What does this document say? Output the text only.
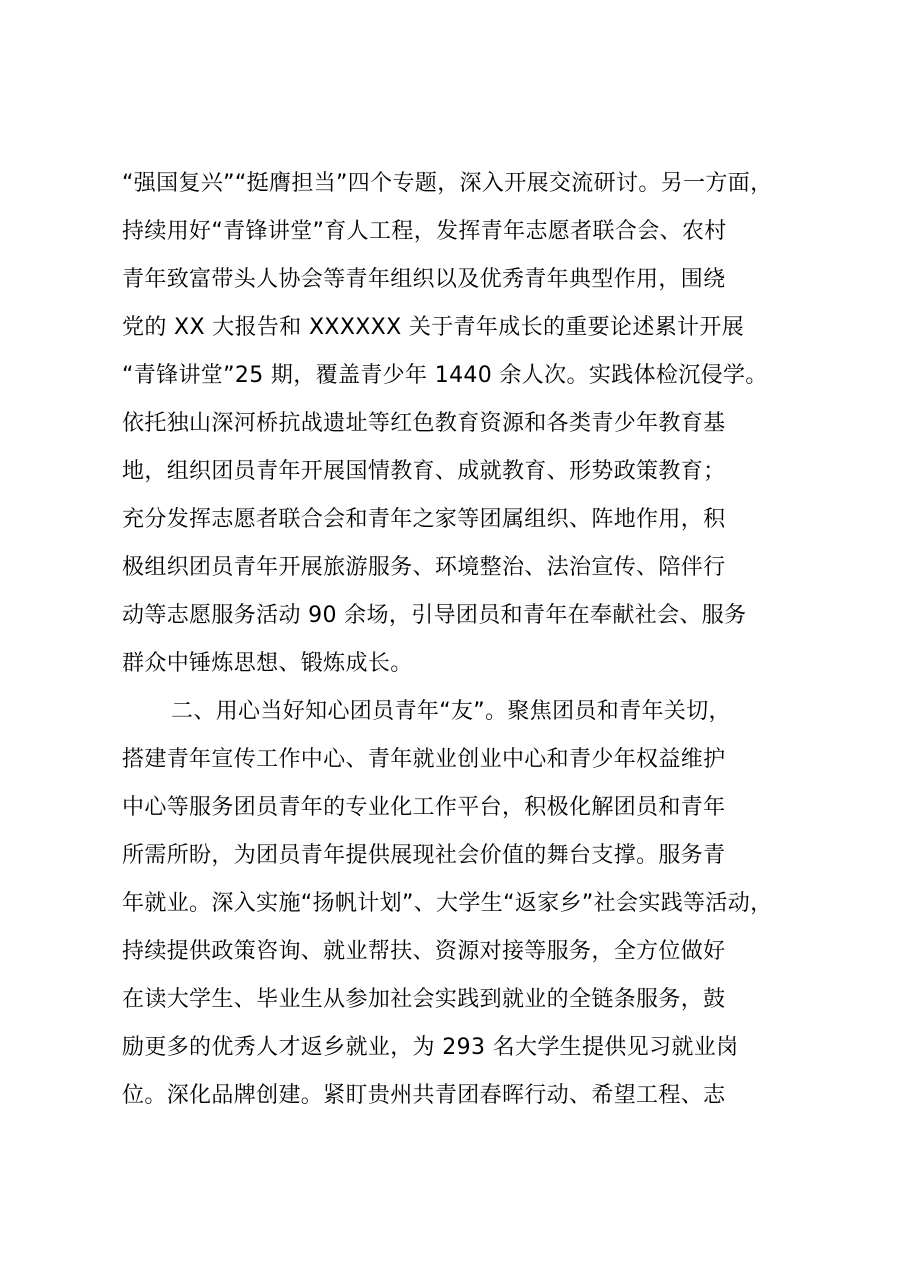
“强国复兴”“挺膺担当”四个专题，深入开展交流研讨。另一方面，
持续用好“青锋讲堂”育人工程，发挥青年志愿者联合会、农村
青年致富带头人协会等青年组织以及优秀青年典型作用，围绕
党的 XX 大报告和 XXXXXX 关于青年成长的重要论述累计开展
“青锋讲堂”25 期，覆盖青少年 1440 余人次。实践体检沉侵学。
依托独山深河桥抗战遗址等红色教育资源和各类青少年教育基
地，组织团员青年开展国情教育、成就教育、形势政策教育；
充分发挥志愿者联合会和青年之家等团属组织、阵地作用，积
极组织团员青年开展旅游服务、环境整治、法治宣传、陪伴行
动等志愿服务活动 90 余场，引导团员和青年在奉献社会、服务
群众中锤炼思想、锻炼成长。
二、用心当好知心团员青年“友”。聚焦团员和青年关切，
搭建青年宣传工作中心、青年就业创业中心和青少年权益维护
中心等服务团员青年的专业化工作平台，积极化解团员和青年
所需所盼，为团员青年提供展现社会价值的舞台支撑。服务青
年就业。深入实施“扬帆计划”、大学生“返家乡”社会实践等活动，
持续提供政策咨询、就业帮扶、资源对接等服务，全方位做好
在读大学生、毕业生从参加社会实践到就业的全链条服务，鼓
励更多的优秀人才返乡就业，为 293 名大学生提供见习就业岗
位。深化品牌创建。紧盯贵州共青团春晖行动、希望工程、志
